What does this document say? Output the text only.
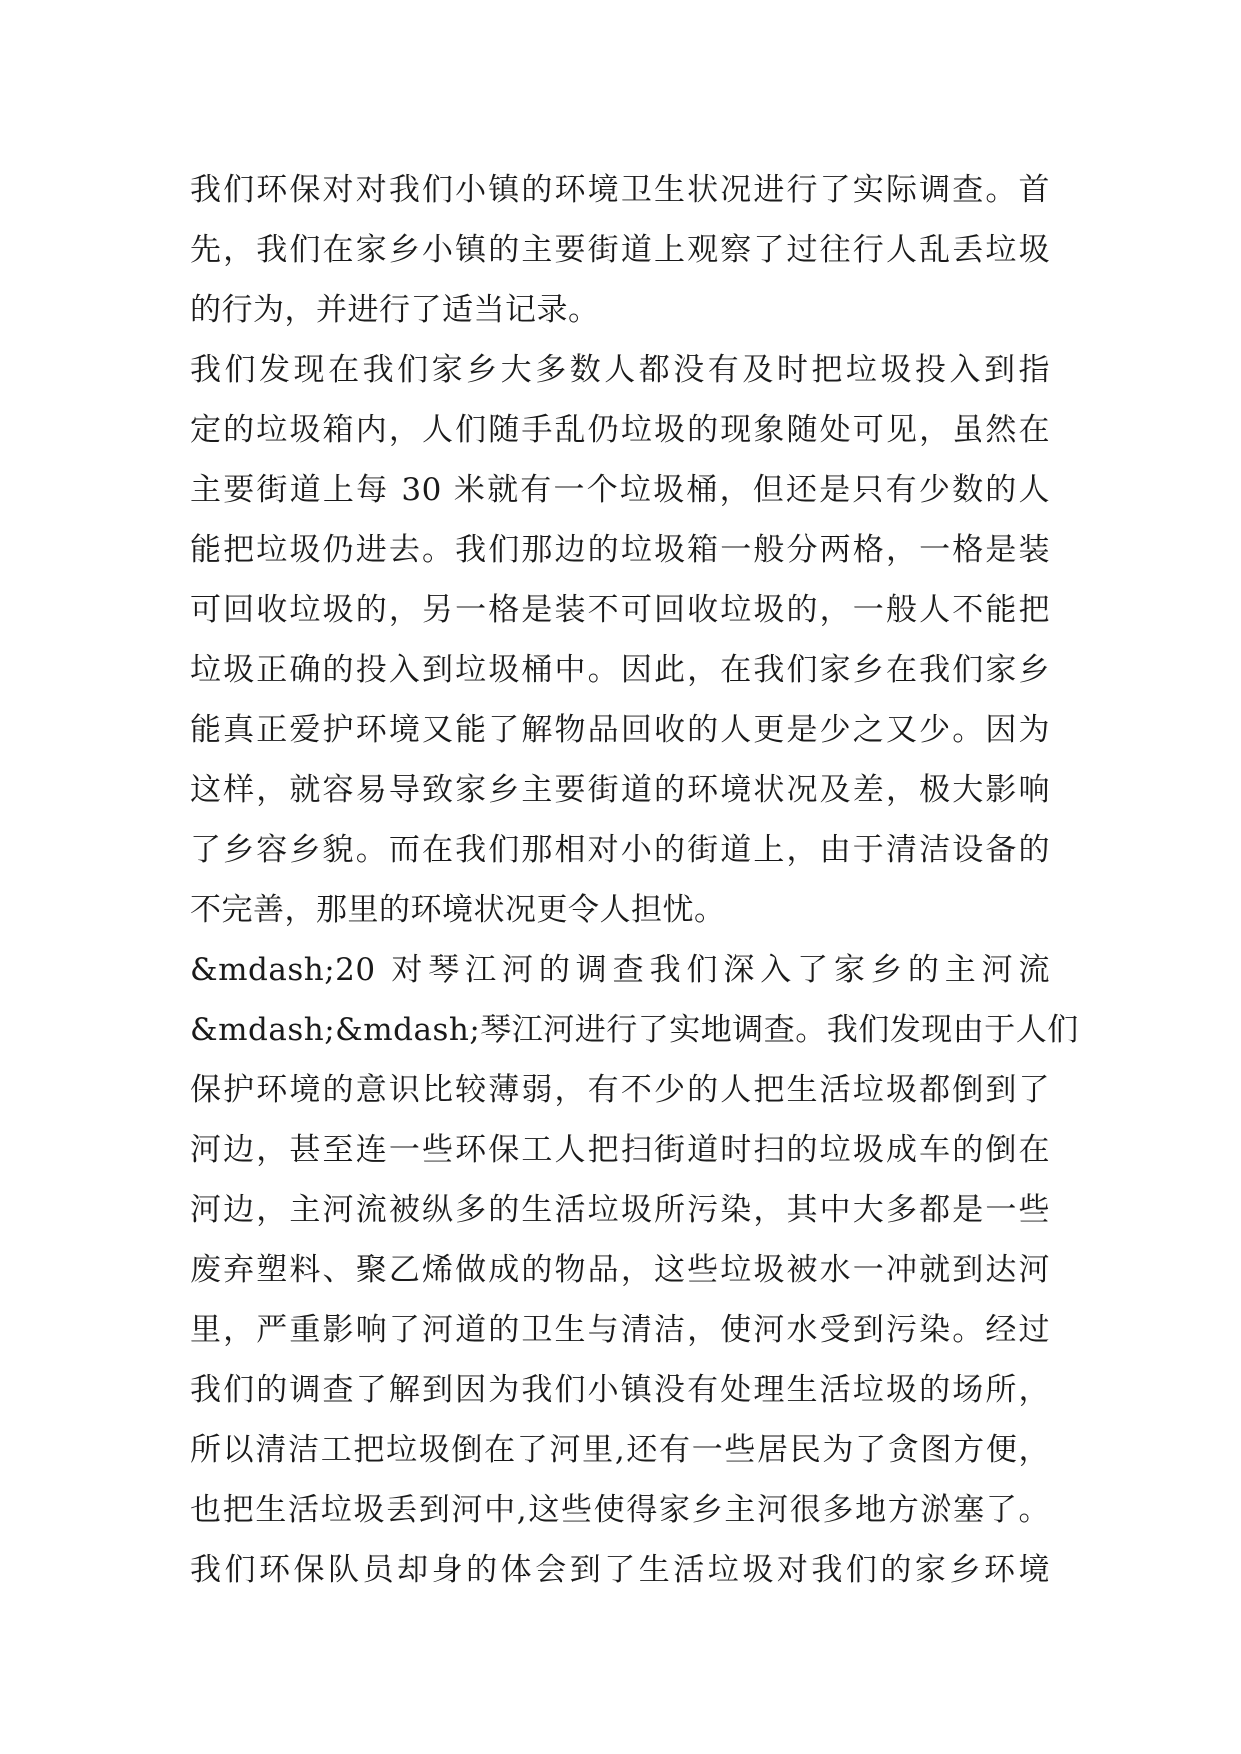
我们环保对对我们小镇的环境卫生状况进行了实际调查。首
先，我们在家乡小镇的主要街道上观察了过往行人乱丢垃圾
的行为，并进行了适当记录。
我们发现在我们家乡大多数人都没有及时把垃圾投入到指
定的垃圾箱内，人们随手乱仍垃圾的现象随处可见，虽然在
主要街道上每 30 米就有一个垃圾桶，但还是只有少数的人
能把垃圾仍进去。我们那边的垃圾箱一般分两格，一格是装
可回收垃圾的，另一格是装不可回收垃圾的，一般人不能把
垃圾正确的投入到垃圾桶中。因此，在我们家乡在我们家乡
能真正爱护环境又能了解物品回收的人更是少之又少。因为
这样，就容易导致家乡主要街道的环境状况及差，极大影响
了乡容乡貌。而在我们那相对小的街道上，由于清洁设备的
不完善，那里的环境状况更令人担忧。
&mdash;20 对琴江河的调查我们深入了家乡的主河流
&mdash;&mdash;琴江河进行了实地调查。我们发现由于人们
保护环境的意识比较薄弱，有不少的人把生活垃圾都倒到了
河边，甚至连一些环保工人把扫街道时扫的垃圾成车的倒在
河边，主河流被纵多的生活垃圾所污染，其中大多都是一些
废弃塑料、聚乙烯做成的物品，这些垃圾被水一冲就到达河
里，严重影响了河道的卫生与清洁，使河水受到污染。经过
我们的调查了解到因为我们小镇没有处理生活垃圾的场所，
所以清洁工把垃圾倒在了河里,还有一些居民为了贪图方便，
也把生活垃圾丢到河中,这些使得家乡主河很多地方淤塞了。
我们环保队员却身的体会到了生活垃圾对我们的家乡环境
